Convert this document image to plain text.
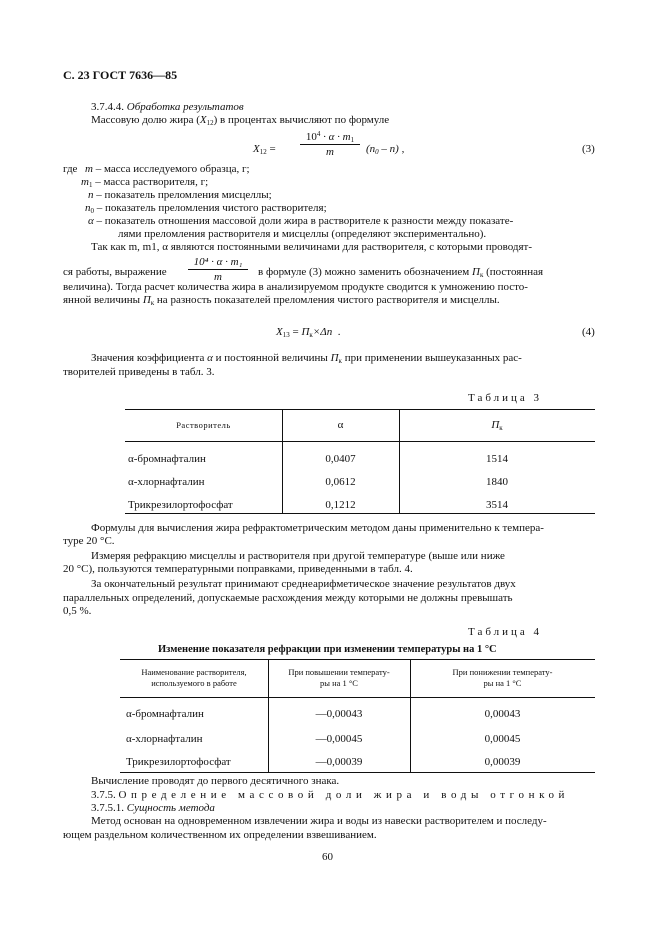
С. 23 ГОСТ 7636—85
3.7.4.4. Обработка результатов
Массовую долю жира $(X_{12})$ в процентах вычисляют по формуле
$X_{12}$ =
$10^4 \cdot \alpha \cdot m_1$
m	$(n_0 - n)$ ,	(3)
где m – масса исследуемого образца, г;
$m_1$ – масса растворителя, г;
n – показатель преломления мисцеллы;
$n_0$ – показатель преломления чистого растворителя;
α – показатель отношения массовой доли жира в растворителе к разности между показате-
лями преломления растворителя и мисцеллы (определяют экспериментально).
Так как m, m1, α являются постоянными величинами для растворителя, с которыми проводят-
ся работы, выражение
10⁴ · α · m₁
m	в формуле (3) можно заменить обозначением $П_к$ (постоянная
величина). Тогда расчет количества жира в анализируемом продукте сводится к умножению посто-
янной величины $П_к$ на разность показателей преломления чистого растворителя и мисцеллы.
$X_{13} = П_к\times\Delta n$ .	(4)
Значения коэффициента α и постоянной величины $П_к$ при применении вышеуказанных рас-
творителей приведены в табл. 3.
Таблица 3
Растворитель	α	$П_к$
α-бромнафталин	0,0407	1514
α-хлорнафталин	0,0612	1840
Трикрезилортофосфат	0,1212	3514
Формулы для вычисления жира рефрактометрическим методом даны применительно к темпера-
туре 20 °С.
Измеряя рефракцию мисцеллы и растворителя при другой температуре (выше или ниже
20 °С), пользуются температурными поправками, приведенными в табл. 4.
За окончательный результат принимают среднеарифметическое значение результатов двух
параллельных определений, допускаемые расхождения между которыми не должны превышать
0,5 %.
Таблица 4
Изменение показателя рефракции при изменении температуры на 1 °С
Наименование растворителя,
используемого в работе
При повышении температу-
ры на 1 °С
При понижении температу-
ры на 1 °С
α-бромнафталин	—0,00043	0,00043
α-хлорнафталин	—0,00045	0,00045
Трикрезилортофосфат	—0,00039	0,00039
Вычисление проводят до первого десятичного знака.
3.7.5. Определение массовой доли жира и воды отгонкой
3.7.5.1. Сущность метода
Метод основан на одновременном извлечении жира и воды из навески растворителем и последу-
ющем раздельном количественном их определении взвешиванием.
60
